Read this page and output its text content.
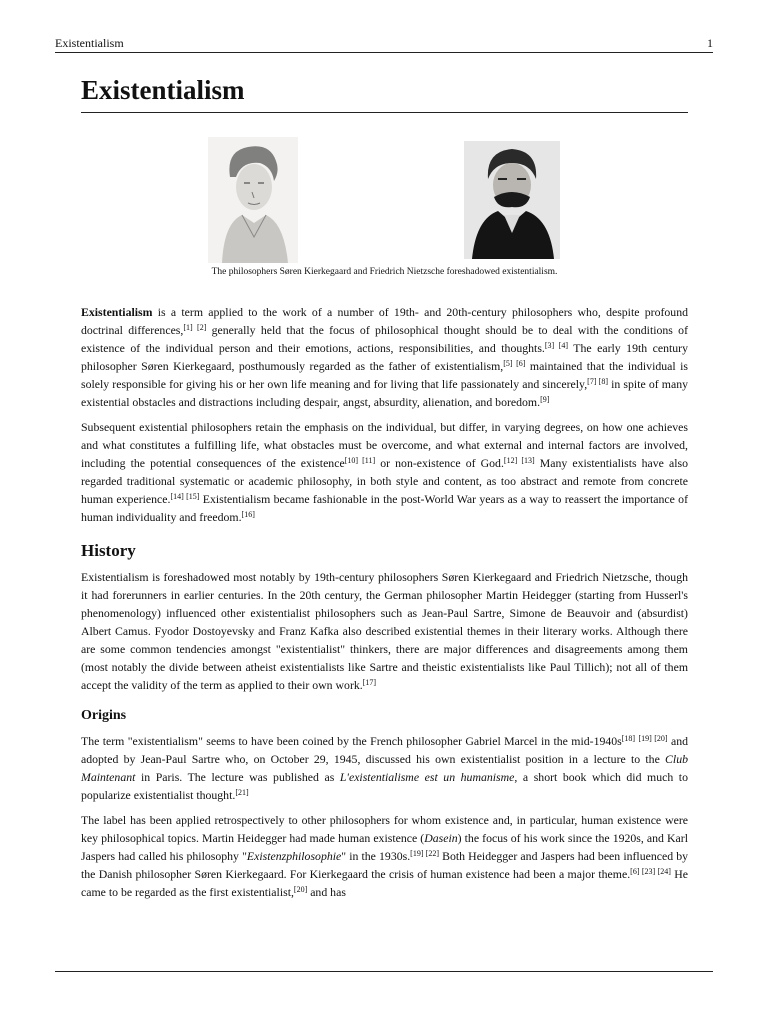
Existentialism	1
Existentialism
The philosophers Søren Kierkegaard and Friedrich Nietzsche foreshadowed existentialism.

Existentialism is a term applied to the work of a number of 19th- and 20th-century philosophers who, despite profound doctrinal differences,[1] [2] generally held that the focus of philosophical thought should be to deal with the conditions of existence of the individual person and their emotions, actions, responsibilities, and thoughts.[3] [4] The early 19th century philosopher Søren Kierkegaard, posthumously regarded as the father of existentialism,[5] [6] maintained that the individual is solely responsible for giving his or her own life meaning and for living that life passionately and sincerely,[7] [8] in spite of many existential obstacles and distractions including despair, angst, absurdity, alienation, and boredom.[9]

Subsequent existential philosophers retain the emphasis on the individual, but differ, in varying degrees, on how one achieves and what constitutes a fulfilling life, what obstacles must be overcome, and what external and internal factors are involved, including the potential consequences of the existence[10] [11] or non-existence of God.[12] [13] Many existentialists have also regarded traditional systematic or academic philosophy, in both style and content, as too abstract and remote from concrete human experience.[14] [15] Existentialism became fashionable in the post-World War years as a way to reassert the importance of human individuality and freedom.[16]

History

Existentialism is foreshadowed most notably by 19th-century philosophers Søren Kierkegaard and Friedrich Nietzsche, though it had forerunners in earlier centuries. In the 20th century, the German philosopher Martin Heidegger (starting from Husserl's phenomenology) influenced other existentialist philosophers such as Jean-Paul Sartre, Simone de Beauvoir and (absurdist) Albert Camus. Fyodor Dostoyevsky and Franz Kafka also described existential themes in their literary works. Although there are some common tendencies amongst "existentialist" thinkers, there are major differences and disagreements among them (most notably the divide between atheist existentialists like Sartre and theistic existentialists like Paul Tillich); not all of them accept the validity of the term as applied to their own work.[17]

Origins

The term "existentialism" seems to have been coined by the French philosopher Gabriel Marcel in the mid-1940s[18] [19] [20] and adopted by Jean-Paul Sartre who, on October 29, 1945, discussed his own existentialist position in a lecture to the Club Maintenant in Paris. The lecture was published as L'existentialisme est un humanisme, a short book which did much to popularize existentialist thought.[21]

The label has been applied retrospectively to other philosophers for whom existence and, in particular, human existence were key philosophical topics. Martin Heidegger had made human existence (Dasein) the focus of his work since the 1920s, and Karl Jaspers had called his philosophy "Existenzphilosophie" in the 1930s.[19] [22] Both Heidegger and Jaspers had been influenced by the Danish philosopher Søren Kierkegaard. For Kierkegaard the crisis of human existence had been a major theme.[6] [23] [24] He came to be regarded as the first existentialist,[20] and has
